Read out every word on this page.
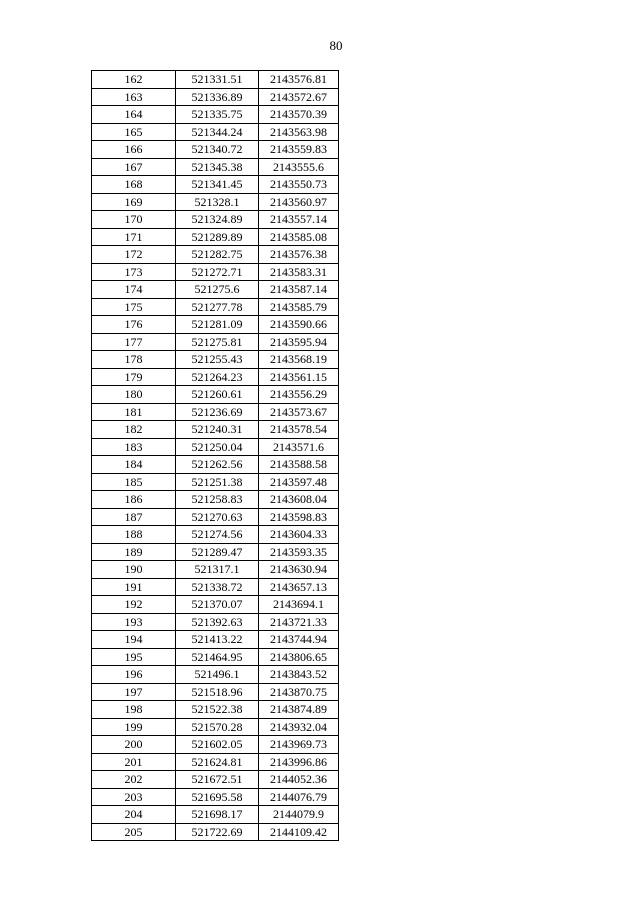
80
162	521331.51	2143576.81
163	521336.89	2143572.67
164	521335.75	2143570.39
165	521344.24	2143563.98
166	521340.72	2143559.83
167	521345.38	2143555.6
168	521341.45	2143550.73
169	521328.1	2143560.97
170	521324.89	2143557.14
171	521289.89	2143585.08
172	521282.75	2143576.38
173	521272.71	2143583.31
174	521275.6	2143587.14
175	521277.78	2143585.79
176	521281.09	2143590.66
177	521275.81	2143595.94
178	521255.43	2143568.19
179	521264.23	2143561.15
180	521260.61	2143556.29
181	521236.69	2143573.67
182	521240.31	2143578.54
183	521250.04	2143571.6
184	521262.56	2143588.58
185	521251.38	2143597.48
186	521258.83	2143608.04
187	521270.63	2143598.83
188	521274.56	2143604.33
189	521289.47	2143593.35
190	521317.1	2143630.94
191	521338.72	2143657.13
192	521370.07	2143694.1
193	521392.63	2143721.33
194	521413.22	2143744.94
195	521464.95	2143806.65
196	521496.1	2143843.52
197	521518.96	2143870.75
198	521522.38	2143874.89
199	521570.28	2143932.04
200	521602.05	2143969.73
201	521624.81	2143996.86
202	521672.51	2144052.36
203	521695.58	2144076.79
204	521698.17	2144079.9
205	521722.69	2144109.42
